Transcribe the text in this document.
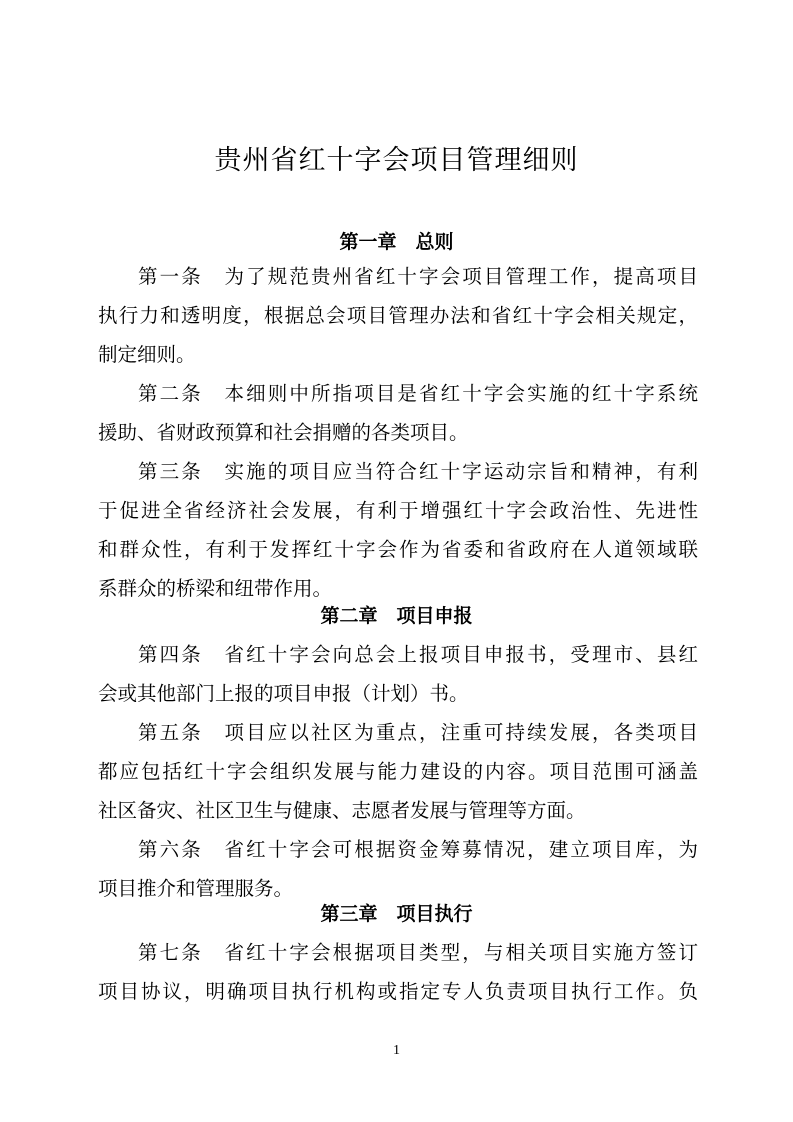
贵州省红十字会项目管理细则
第一章　总则
第一条　为了规范贵州省红十字会项目管理工作，提高项目
执行力和透明度，根据总会项目管理办法和省红十字会相关规定，
制定细则。
第二条　本细则中所指项目是省红十字会实施的红十字系统
援助、省财政预算和社会捐赠的各类项目。
第三条　实施的项目应当符合红十字运动宗旨和精神，有利
于促进全省经济社会发展，有利于增强红十字会政治性、先进性
和群众性，有利于发挥红十字会作为省委和省政府在人道领域联
系群众的桥梁和纽带作用。
第二章　项目申报
第四条　省红十字会向总会上报项目申报书，受理市、县红
会或其他部门上报的项目申报（计划）书。
第五条　项目应以社区为重点，注重可持续发展，各类项目
都应包括红十字会组织发展与能力建设的内容。项目范围可涵盖
社区备灾、社区卫生与健康、志愿者发展与管理等方面。
第六条　省红十字会可根据资金筹募情况，建立项目库，为
项目推介和管理服务。
第三章　项目执行
第七条　省红十字会根据项目类型，与相关项目实施方签订
项目协议，明确项目执行机构或指定专人负责项目执行工作。负
1
